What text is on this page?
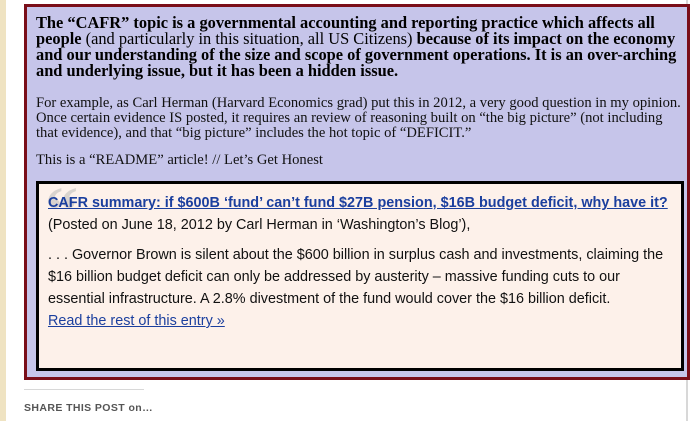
The “CAFR” topic is a governmental accounting and reporting practice which affects all people (and particularly in this situation, all US Citizens) because of its impact on the economy and our understanding of the size and scope of government operations. It is an over-arching and underlying issue, but it has been a hidden issue.

For example, as Carl Herman (Harvard Economics grad) put this in 2012, a very good question in my opinion. Once certain evidence IS posted, it requires an review of reasoning built on “the big picture” (not including that evidence), and that “big picture” includes the hot topic of “DEFICIT.”

This is a “README” article! // Let’s Get Honest

“

CAFR summary: if $600B ‘fund’ can’t fund $27B pension, $16B budget deficit, why have it?(Posted on June 18, 2012 by Carl Herman in ‘Washington’s Blog’),

. . . Governor Brown is silent about the $600 billion in surplus cash and investments, claiming the $16 billion budget deficit can only be addressed by austerity – massive funding cuts to our essential infrastructure. A 2.8% divestment of the fund would cover the $16 billion deficit.

Read the rest of this entry »

SHARE THIS POST on…
